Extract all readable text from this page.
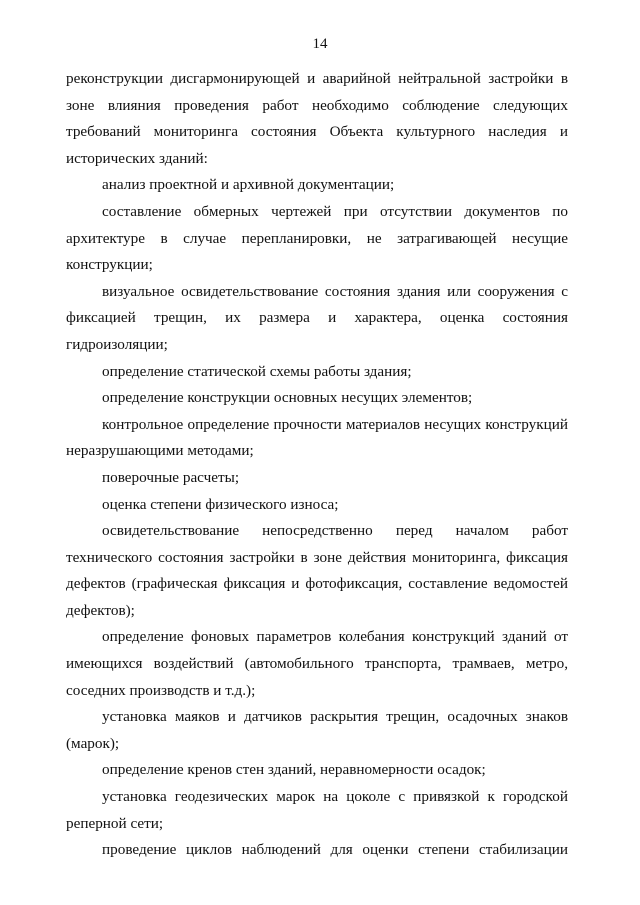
14

реконструкции дисгармонирующей и аварийной нейтральной застройки в зоне влияния проведения работ необходимо соблюдение следующих требований мониторинга состояния Объекта культурного наследия и исторических зданий:

анализ проектной и архивной документации;

составление обмерных чертежей при отсутствии документов по архитектуре в случае перепланировки, не затрагивающей несущие конструкции;

визуальное освидетельствование состояния здания или сооружения с фиксацией трещин, их размера и характера, оценка состояния гидроизоляции;

определение статической схемы работы здания;

определение конструкции основных несущих элементов;

контрольное определение прочности материалов несущих конструкций неразрушающими методами;

поверочные расчеты;

оценка степени физического износа;

освидетельствование непосредственно перед началом работ технического состояния застройки в зоне действия мониторинга, фиксация дефектов (графическая фиксация и фотофиксация, составление ведомостей дефектов);

определение фоновых параметров колебания конструкций зданий от имеющихся воздействий (автомобильного транспорта, трамваев, метро, соседних производств и т.д.);

установка маяков и датчиков раскрытия трещин, осадочных знаков (марок);

определение кренов стен зданий, неравномерности осадок;

установка геодезических марок на цоколе с привязкой к городской реперной сети;

проведение циклов наблюдений для оценки степени стабилизации
